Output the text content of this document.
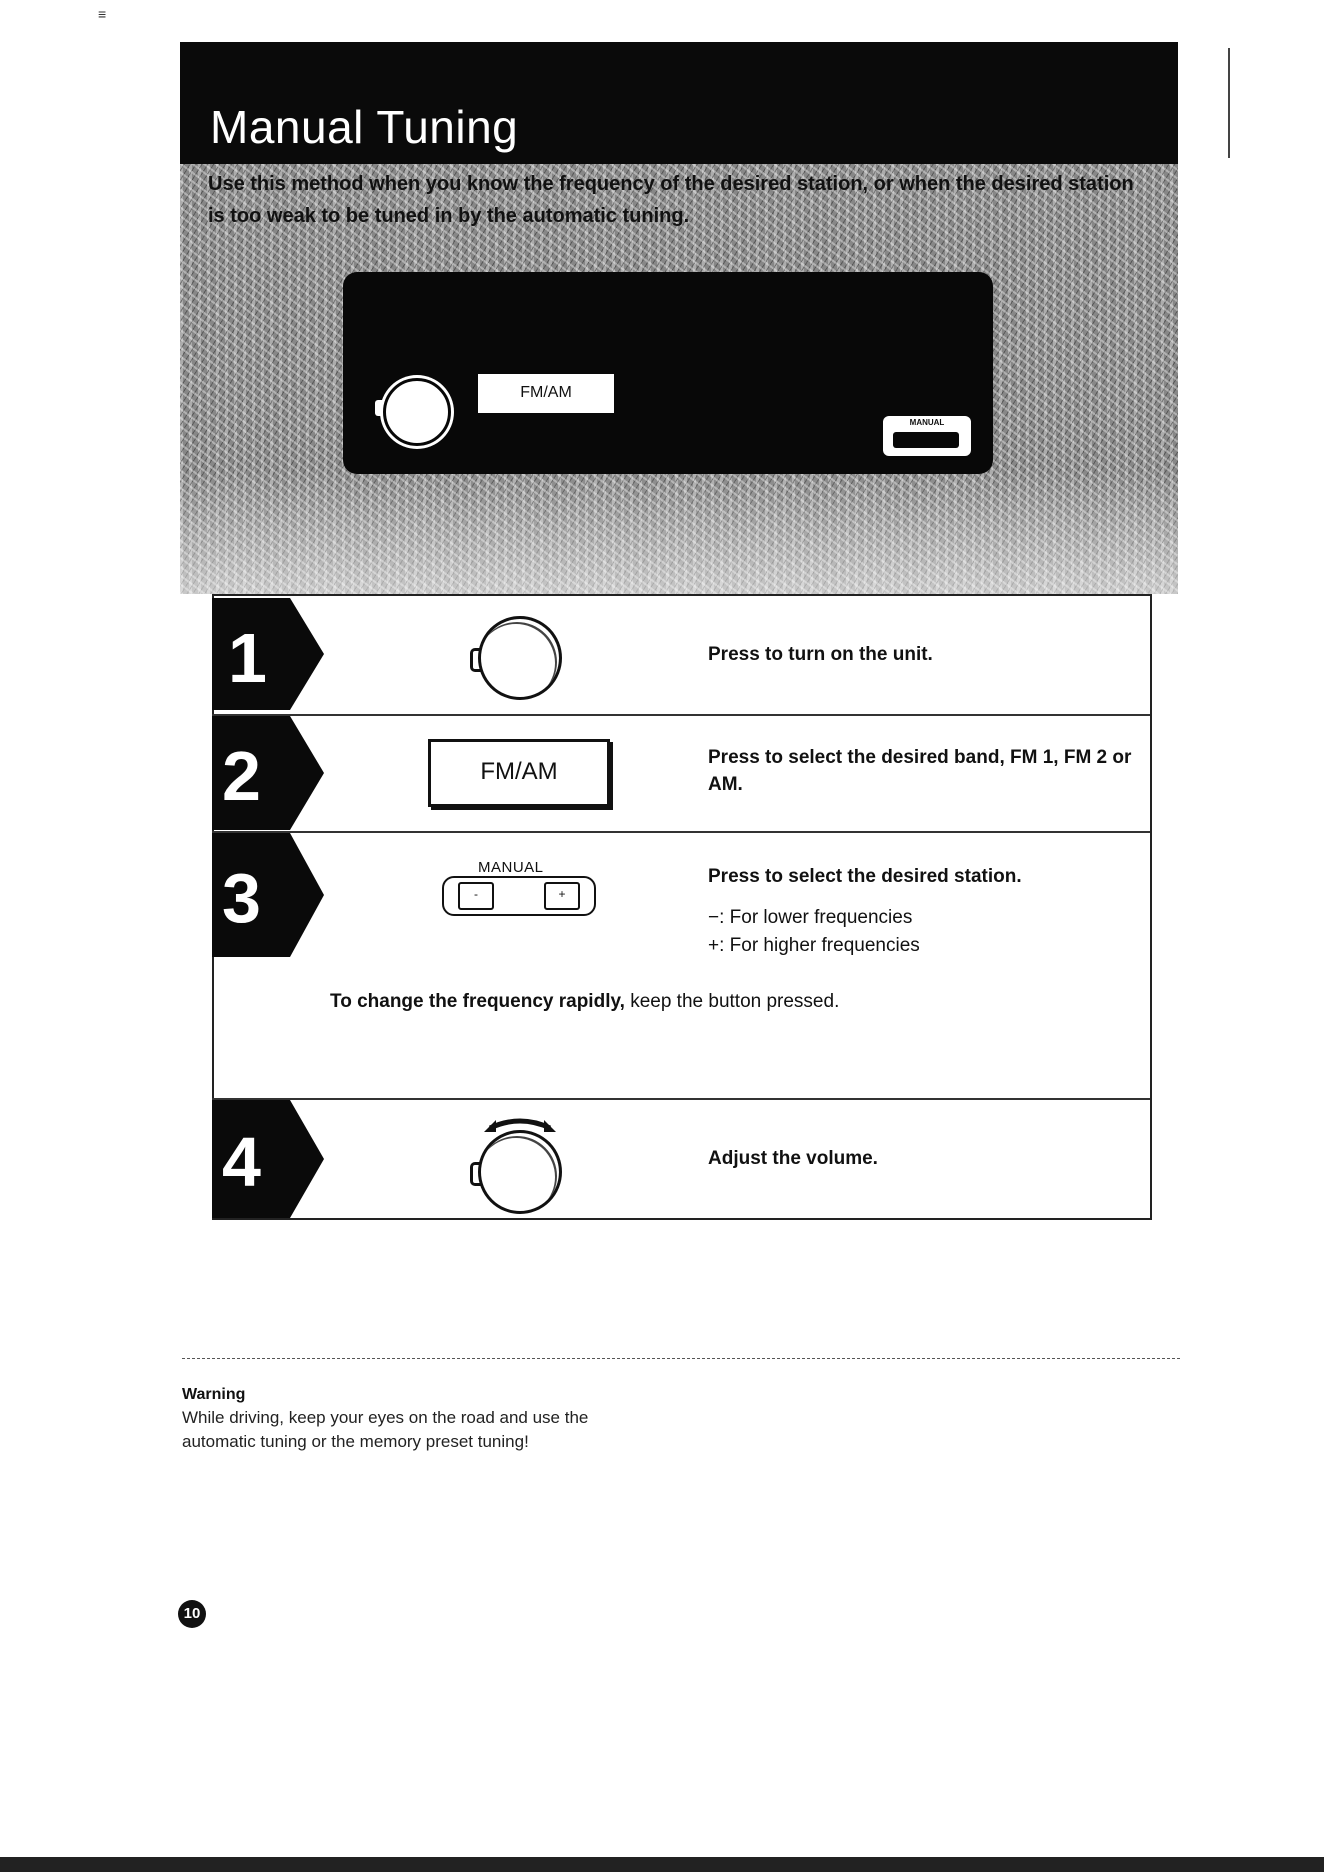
≡
Manual Tuning
Use this method when you know the frequency of the desired station, or when the desired station is too weak to be tuned in by the automatic tuning.
FM/AM
MANUAL
1
2
3
4
Press to turn on the unit.
FM/AM
Press to select the desired band, FM 1, FM 2 or AM.
MANUAL
-	+
Press to select the desired station.
−: For lower frequencies
+: For higher frequencies
To change the frequency rapidly, keep the button pressed.
Adjust the volume.
Warning
While driving, keep your eyes on the road and use the automatic tuning or the memory preset tuning!
10
